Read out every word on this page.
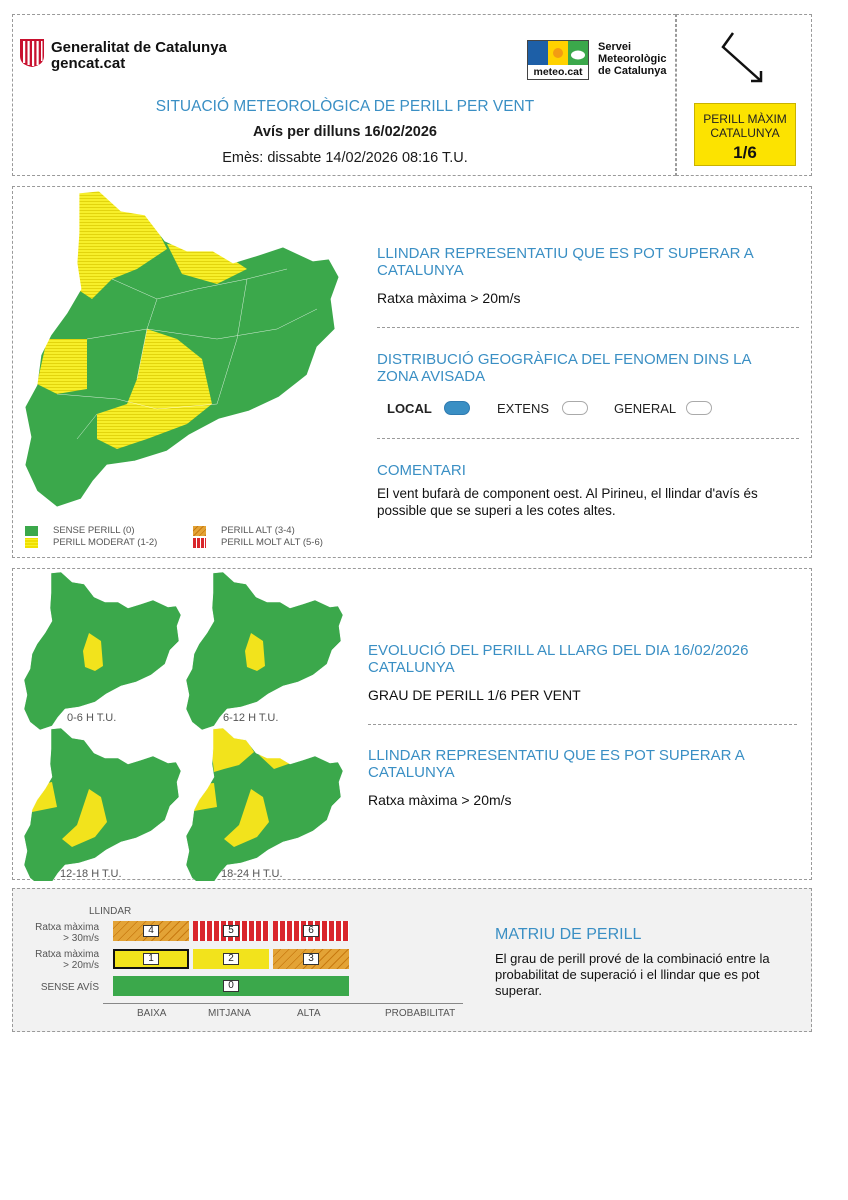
Generalitat de Catalunya
gencat.cat	meteo.cat
Servei
Meteorològic
de Catalunya
SITUACIÓ METEOROLÒGICA DE PERILL PER VENT
Avís per dilluns 16/02/2026
Emès: dissabte 14/02/2026 08:16 T.U.
PERILL MÀXIM
CATALUNYA
1/6
SENSE PERILL (0)
PERILL MODERAT (1-2)
PERILL ALT (3-4)
PERILL MOLT ALT (5-6)
LLINDAR REPRESENTATIU QUE ES POT SUPERAR A CATALUNYA
Ratxa màxima > 20m/s
DISTRIBUCIÓ GEOGRÀFICA DEL FENOMEN DINS LA ZONA AVISADA
LOCAL	EXTENS	GENERAL
COMENTARI
El vent bufarà de component oest. Al Pirineu, el llindar d'avís és possible que se superi a les cotes altes.
0-6 H T.U.	6-12 H T.U.
12-18 H T.U.	18-24 H T.U.
EVOLUCIÓ DEL PERILL AL LLARG DEL DIA 16/02/2026 CATALUNYA
GRAU DE PERILL 1/6 PER VENT
LLINDAR REPRESENTATIU QUE ES POT SUPERAR A CATALUNYA
Ratxa màxima > 20m/s
LLINDAR
Ratxa màxima
> 30m/s
Ratxa màxima
> 20m/s
SENSE AVÍS
4	5	6
1	2	3
0
BAIXA	MITJANA	ALTA	PROBABILITAT
MATRIU DE PERILL
El grau de perill prové de la combinació entre la probabilitat de superació i el llindar que es pot superar.
